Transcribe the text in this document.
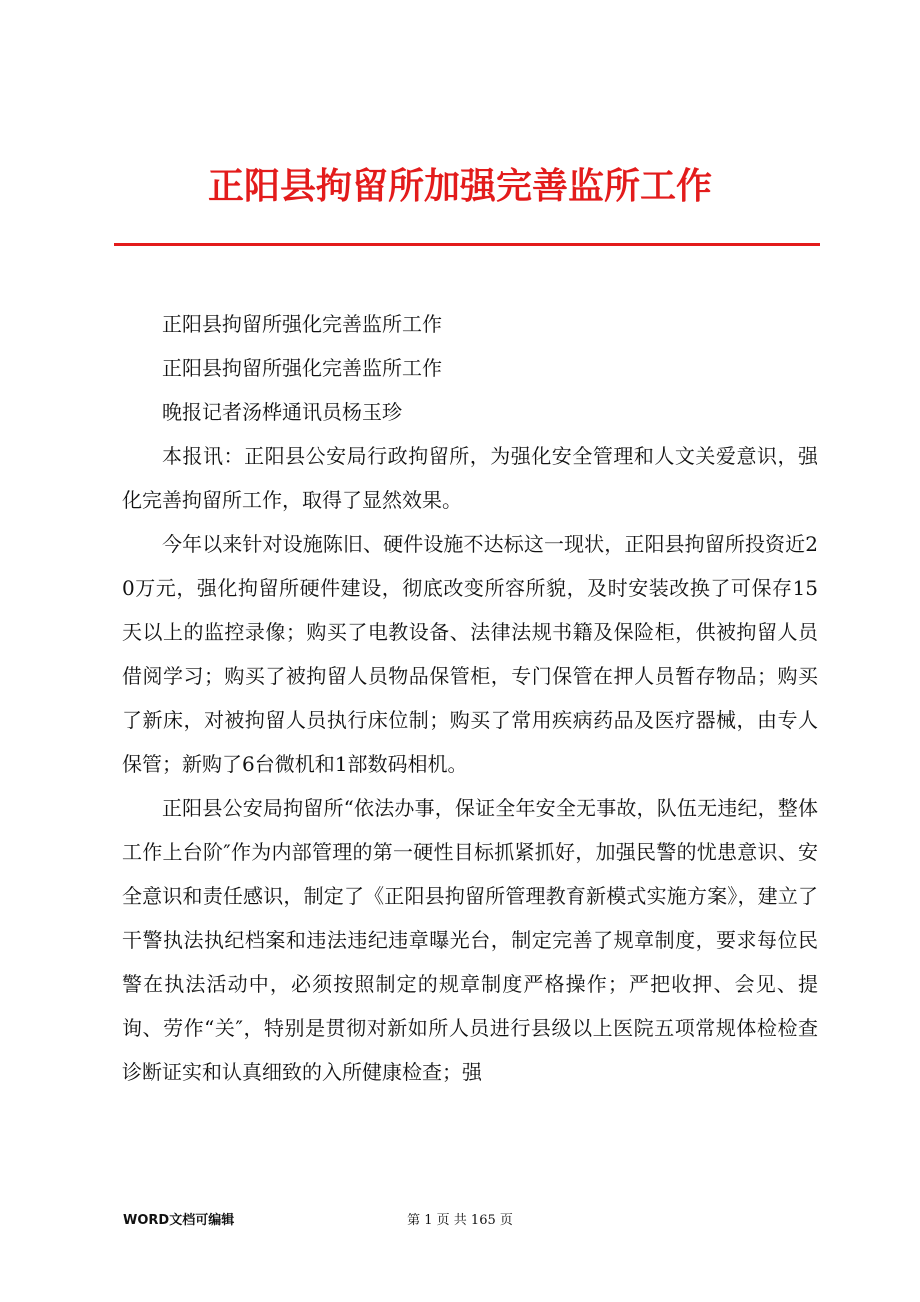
正阳县拘留所加强完善监所工作

正阳县拘留所强化完善监所工作

正阳县拘留所强化完善监所工作

晚报记者汤桦通讯员杨玉珍

本报讯：正阳县公安局行政拘留所，为强化安全管理和人文关爱意识，强化完善拘留所工作，取得了显然效果。

今年以来针对设施陈旧、硬件设施不达标这一现状，正阳县拘留所投资近20万元，强化拘留所硬件建设，彻底改变所容所貌，及时安装改换了可保存15天以上的监控录像；购买了电教设备、法律法规书籍及保险柜，供被拘留人员借阅学习；购买了被拘留人员物品保管柜，专门保管在押人员暂存物品；购买了新床，对被拘留人员执行床位制；购买了常用疾病药品及医疗器械，由专人保管；新购了6台微机和1部数码相机。

正阳县公安局拘留所“依法办事，保证全年安全无事故，队伍无违纪，整体工作上台阶″作为内部管理的第一硬性目标抓紧抓好，加强民警的忧患意识、安全意识和责任感识，制定了《正阳县拘留所管理教育新模式实施方案》，建立了干警执法执纪档案和违法违纪违章曝光台，制定完善了规章制度，要求每位民警在执法活动中，必须按照制定的规章制度严格操作；严把收押、会见、提询、劳作“关″，特别是贯彻对新如所人员进行县级以上医院五项常规体检检查诊断证实和认真细致的入所健康检查；强

WORD文档可编辑	第 1 页 共 165 页
